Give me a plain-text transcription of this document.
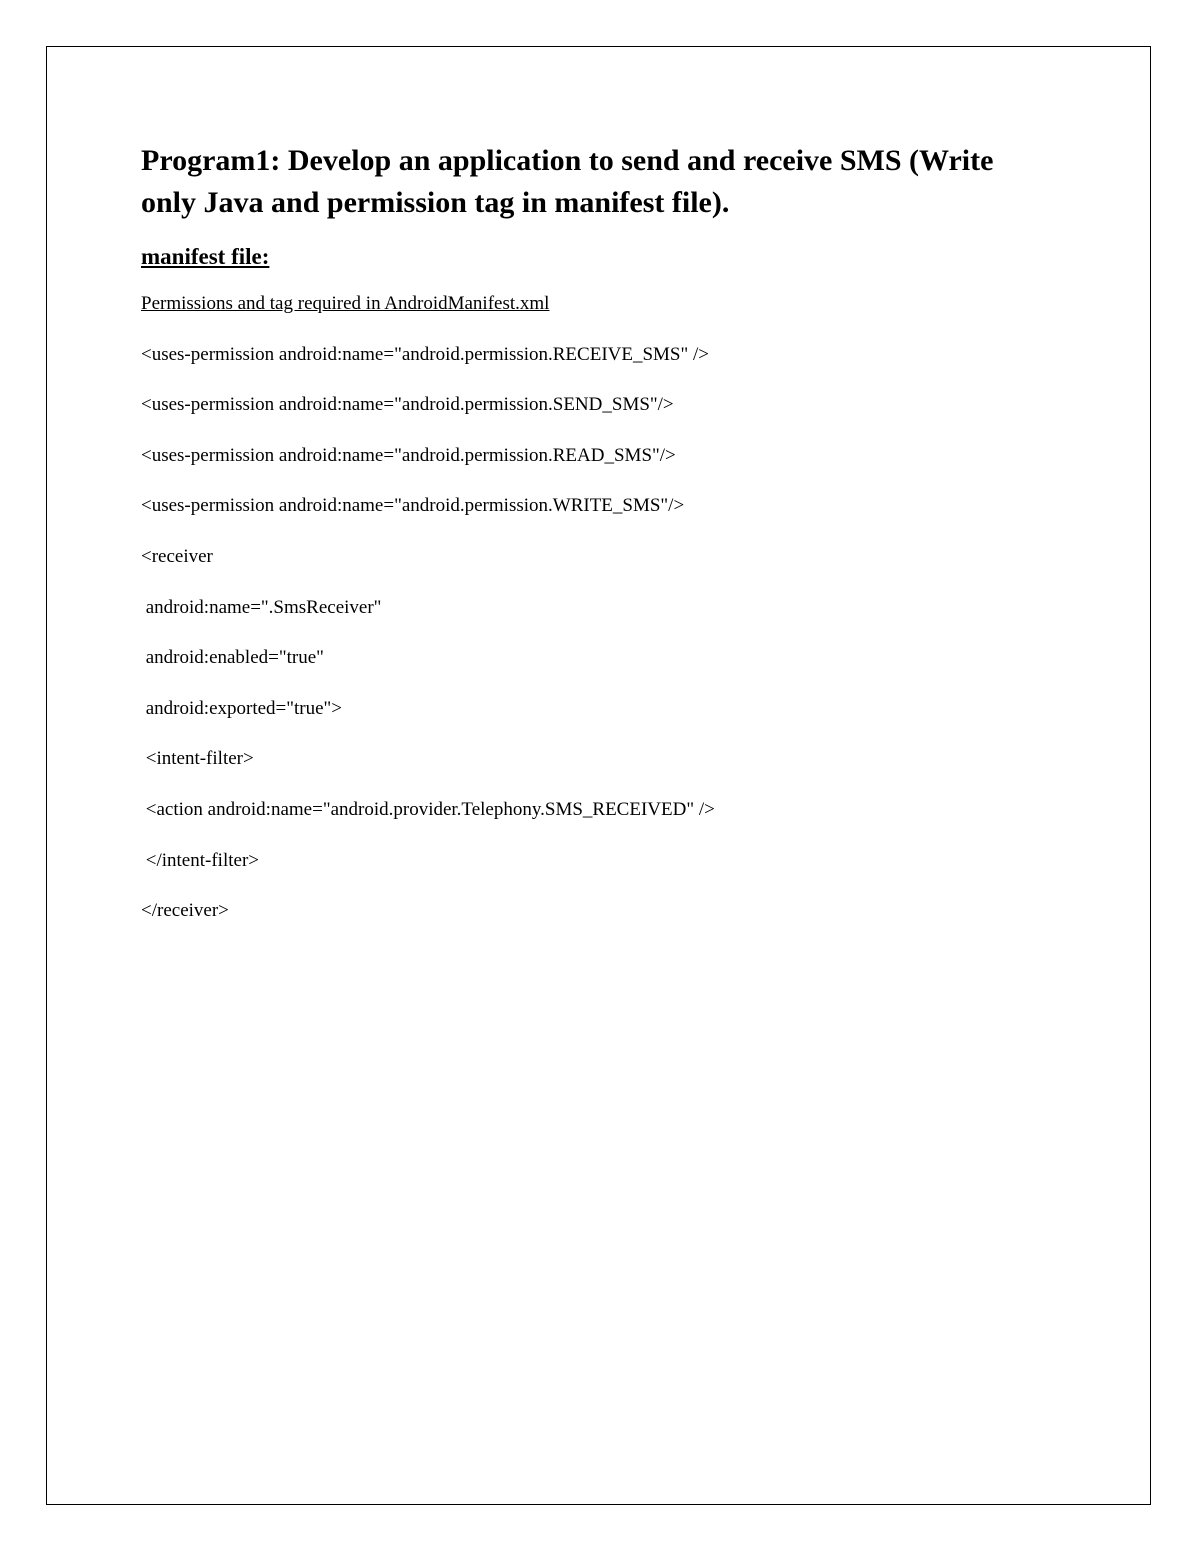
Program1: Develop an application to send and receive SMS (Write only Java and permission tag in manifest file).
manifest file:
Permissions and tag required in AndroidManifest.xml
<uses-permission android:name="android.permission.RECEIVE_SMS" />
<uses-permission android:name="android.permission.SEND_SMS"/>
<uses-permission android:name="android.permission.READ_SMS"/>
<uses-permission android:name="android.permission.WRITE_SMS"/>
<receiver
android:name=".SmsReceiver"
android:enabled="true"
android:exported="true">
<intent-filter>
<action android:name="android.provider.Telephony.SMS_RECEIVED" />
</intent-filter>
</receiver>
